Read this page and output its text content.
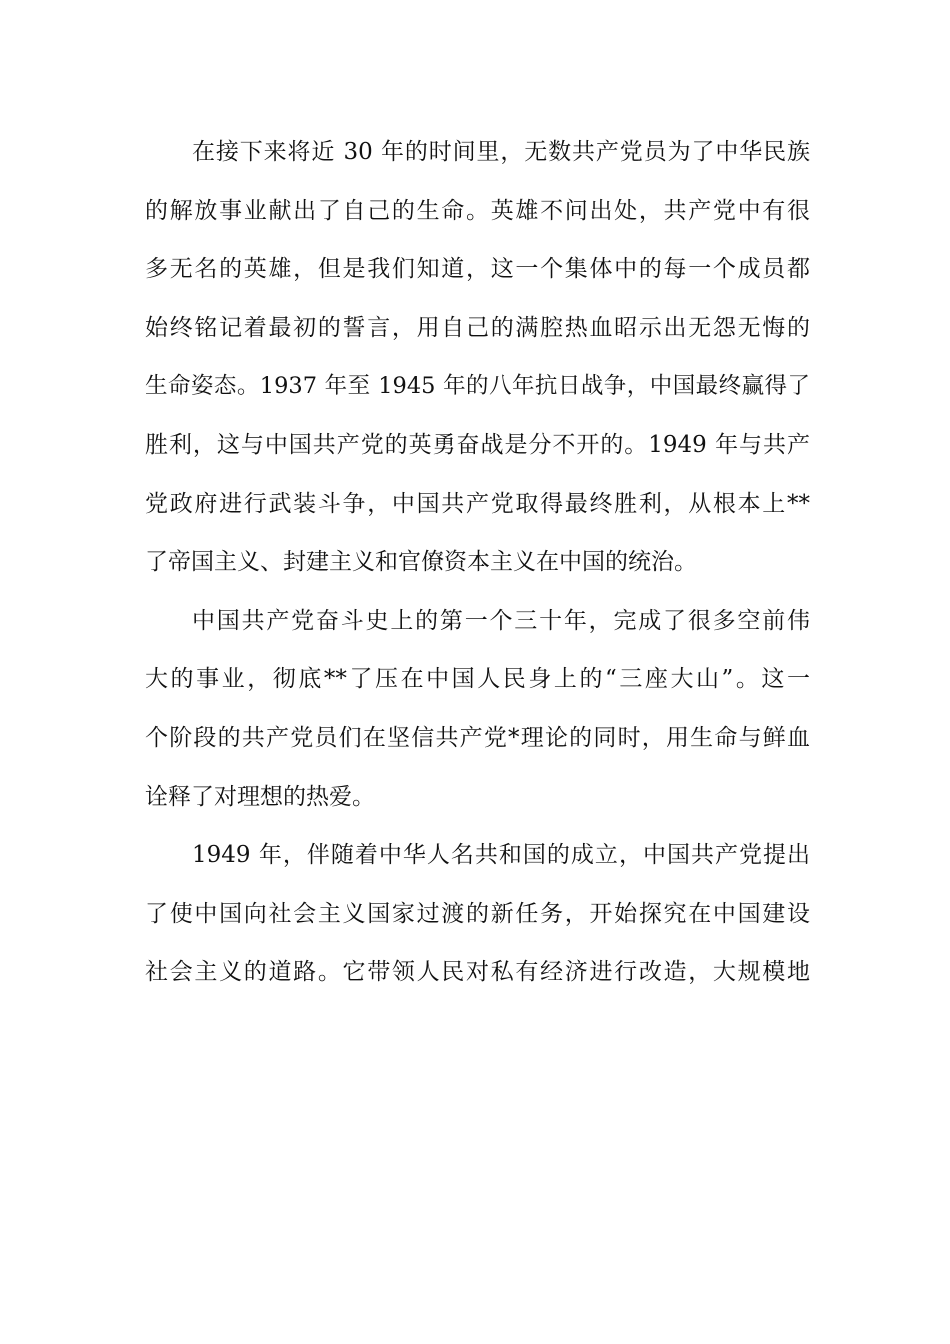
在接下来将近 30 年的时间里，无数共产党员为了中华民族
的解放事业献出了自己的生命。英雄不问出处，共产党中有很
多无名的英雄，但是我们知道，这一个集体中的每一个成员都
始终铭记着最初的誓言，用自己的满腔热血昭示出无怨无悔的
生命姿态。1937 年至 1945 年的八年抗日战争，中国最终赢得了
胜利，这与中国共产党的英勇奋战是分不开的。1949 年与共产
党政府进行武装斗争，中国共产党取得最终胜利，从根本上**
了帝国主义、封建主义和官僚资本主义在中国的统治。
中国共产党奋斗史上的第一个三十年，完成了很多空前伟
大的事业，彻底**了压在中国人民身上的“三座大山”。这一
个阶段的共产党员们在坚信共产党*理论的同时，用生命与鲜血
诠释了对理想的热爱。
1949 年，伴随着中华人名共和国的成立，中国共产党提出
了使中国向社会主义国家过渡的新任务，开始探究在中国建设
社会主义的道路。它带领人民对私有经济进行改造，大规模地
